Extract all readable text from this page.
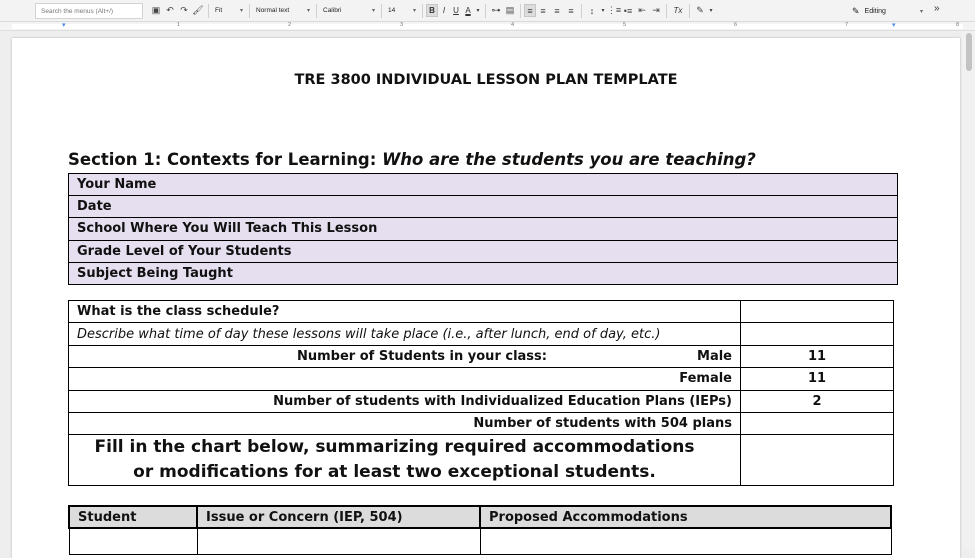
Search the menus (Alt+/)	▣ ↶ ↷ 🖌︎ Fit	▾ Normal text	▾ Calibri	▾ 14	▾	B I	U A ▾ ⊶ ▤	≡ ≡ ≡ ≡	↕	▾ ⋮≡ •≡ ⇤ ⇥	Tx	✎ ▾	✎ Editing	▾ »
▾	▾
1	2	3	4	5	6	7	8
TRE 3800 INDIVIDUAL LESSON PLAN TEMPLATE
Section 1: Contexts for Learning: Who are the students you are teaching?
Your Name
Date
School Where You Will Teach This Lesson
Grade Level of Your Students
Subject Being Taught
What is the class schedule?	
Describe what time of day these lessons will take place (i.e., after lunch, end of day, etc.)	

Number of Students in your class: Male	11
Female	11
Number of students with Individualized Education Plans (IEPs)	2
Number of students with 504 plans	
Fill in the chart below, summarizing required accommodations or modifications for at least two exceptional students.	
Student	Issue or Concern (IEP, 504)	Proposed Accommodations
